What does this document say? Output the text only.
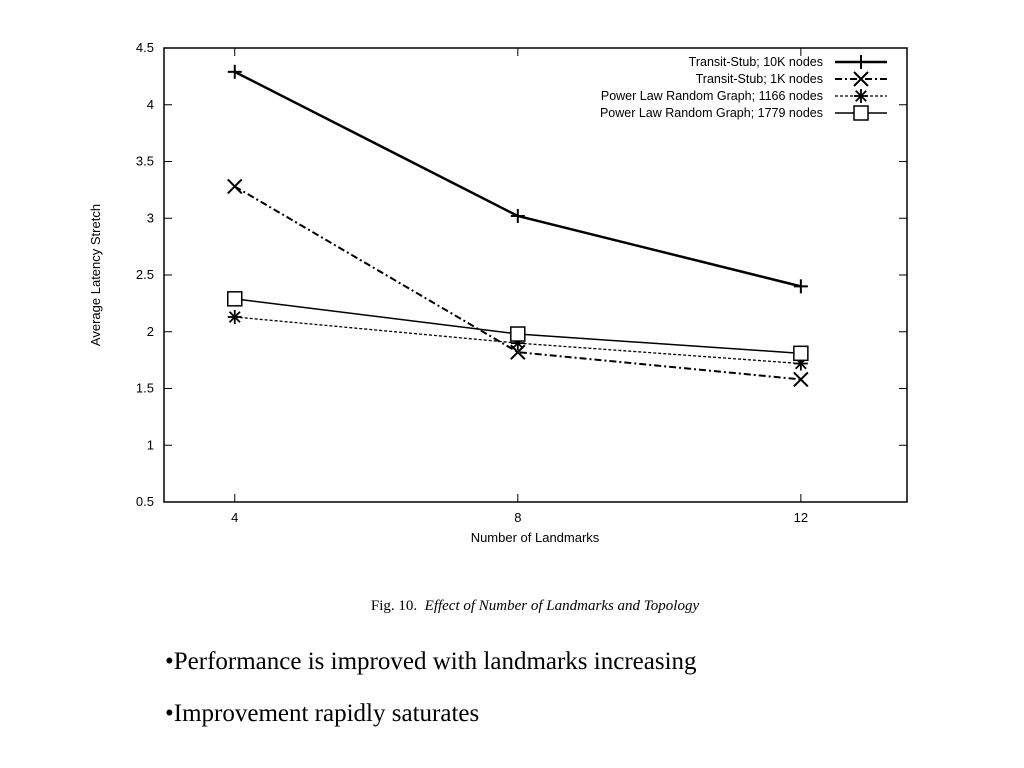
0.5
1
1.5
2
2.5
3
3.5
4
4.5
4	8	12
Number of Landmarks
Average Latency Stretch
Transit-Stub; 10K nodes
Transit-Stub; 1K nodes
Power Law Random Graph; 1166 nodes
Power Law Random Graph; 1779 nodes
Fig. 10. Effect of Number of Landmarks and Topology
•Performance is improved with landmarks increasing
•Improvement rapidly saturates
